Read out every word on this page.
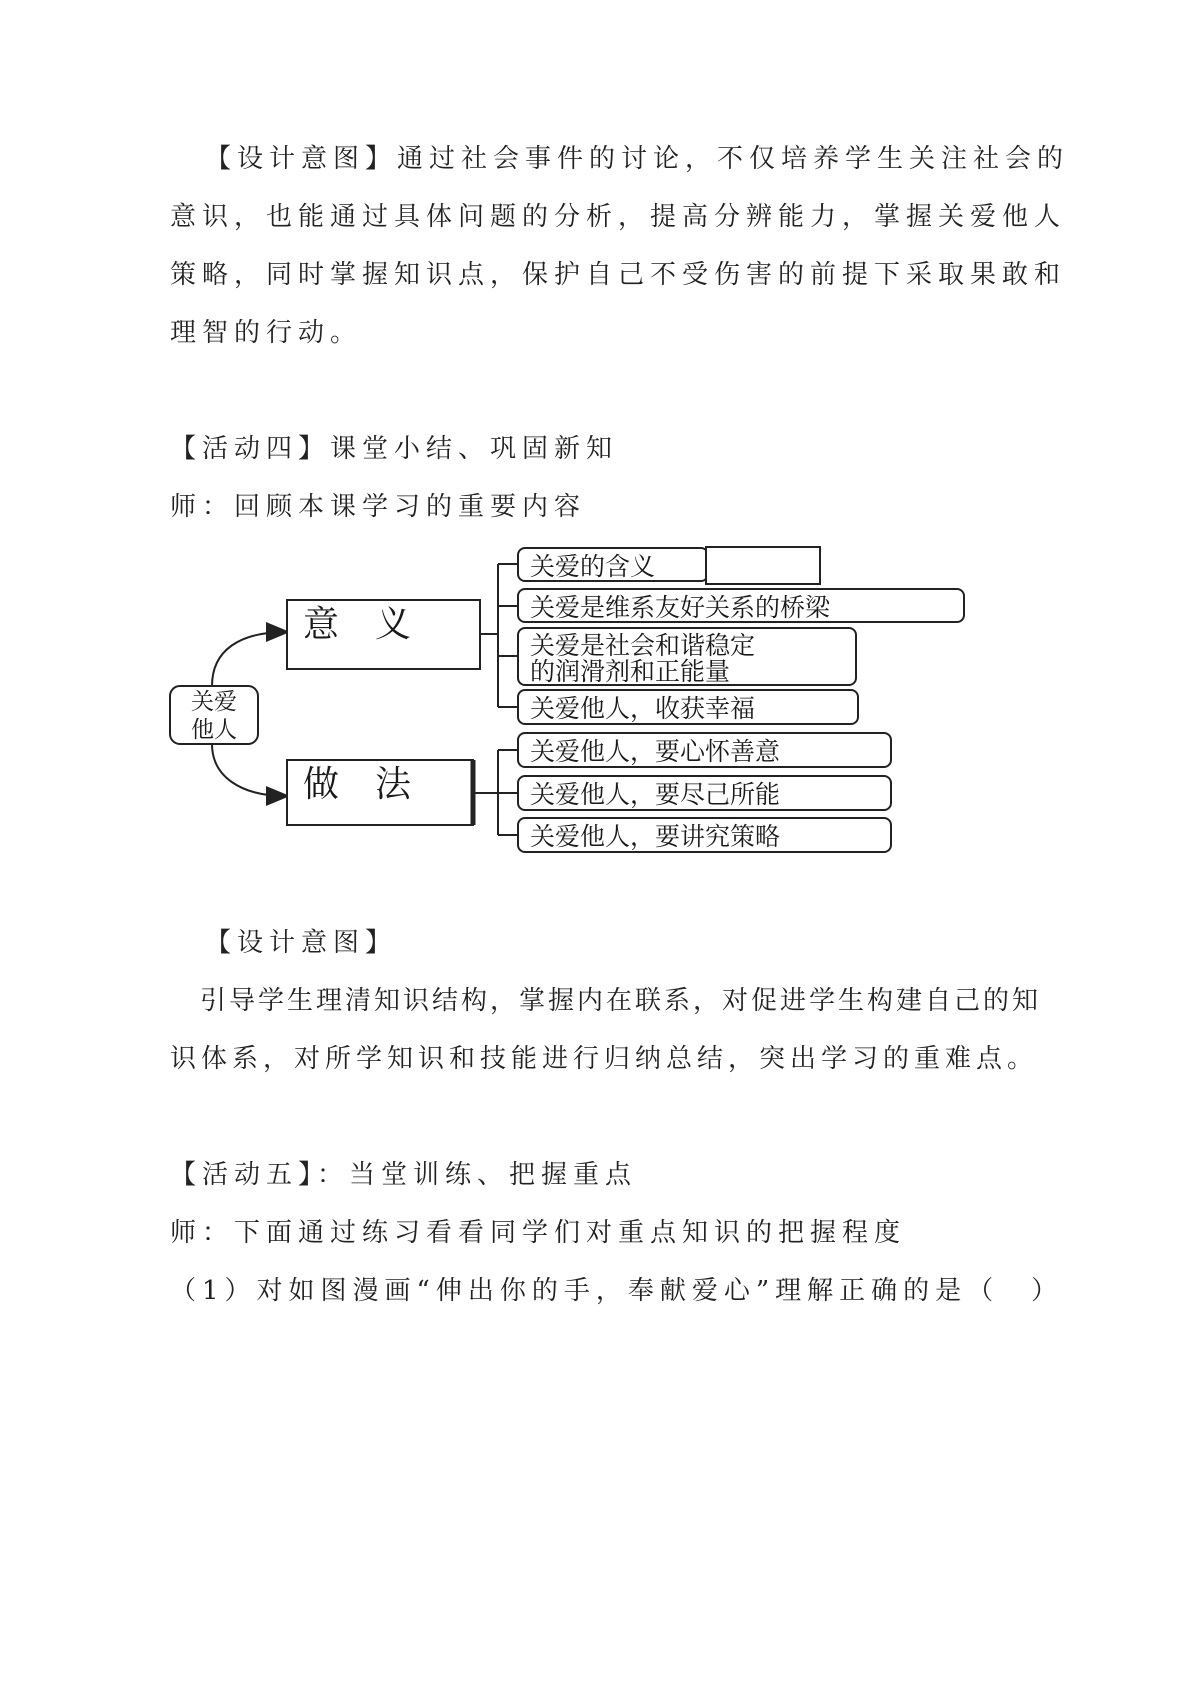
【设计意图】通过社会事件的讨论，不仅培养学生关注社会的
意识，也能通过具体问题的分析，提高分辨能力，掌握关爱他人
策略，同时掌握知识点，保护自己不受伤害的前提下采取果敢和
理智的行动。
【活动四】课堂小结、巩固新知
师：回顾本课学习的重要内容
关爱
他人
意　义
做　法
关爱的含义
关爱是维系友好关系的桥梁
关爱是社会和谐稳定
的润滑剂和正能量
关爱他人，收获幸福
关爱他人，要心怀善意
关爱他人，要尽己所能
关爱他人，要讲究策略
【设计意图】
引导学生理清知识结构，掌握内在联系，对促进学生构建自己的知
识体系，对所学知识和技能进行归纳总结，突出学习的重难点。
【活动五】：当堂训练、把握重点
师：下面通过练习看看同学们对重点知识的把握程度
（1）对如图漫画“伸出你的手，奉献爱心”理解正确的是（　）
